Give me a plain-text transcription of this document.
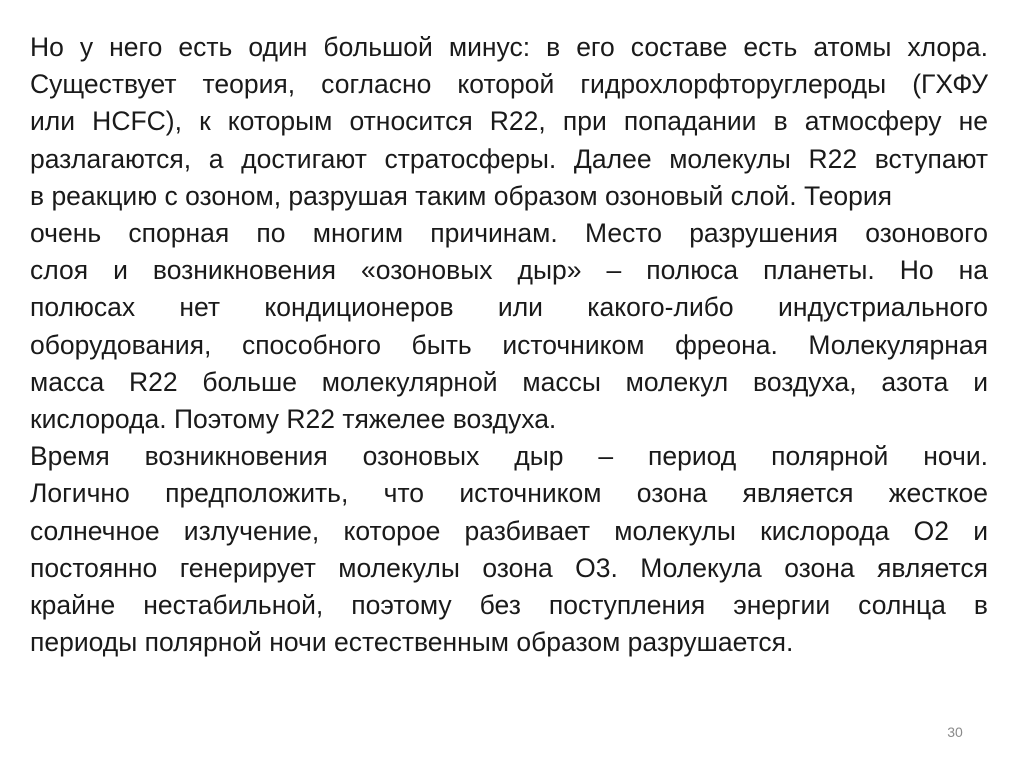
Но у него есть один большой минус: в его составе есть атомы хлора.
Существует теория, согласно которой гидрохлорфторуглероды (ГХФУ
или HCFC), к которым относится R22, при попадании в атмосферу не
разлагаются, а достигают стратосферы. Далее молекулы R22 вступают
в реакцию с озоном, разрушая таким образом озоновый слой. Теория

очень спорная по многим причинам. Место разрушения озонового
слоя и возникновения «озоновых дыр» – полюса планеты. Но на
полюсах нет кондиционеров или какого-либо индустриального
оборудования, способного быть источником фреона. Молекулярная
масса R22 больше молекулярной массы молекул воздуха, азота и
кислорода. Поэтому R22 тяжелее воздуха.

Время возникновения озоновых дыр – период полярной ночи.
Логично предположить, что источником озона является жесткое
солнечное излучение, которое разбивает молекулы кислорода О2 и
постоянно генерирует молекулы озона О3. Молекула озона является
крайне нестабильной, поэтому без поступления энергии солнца в
периоды полярной ночи естественным образом разрушается.

30
